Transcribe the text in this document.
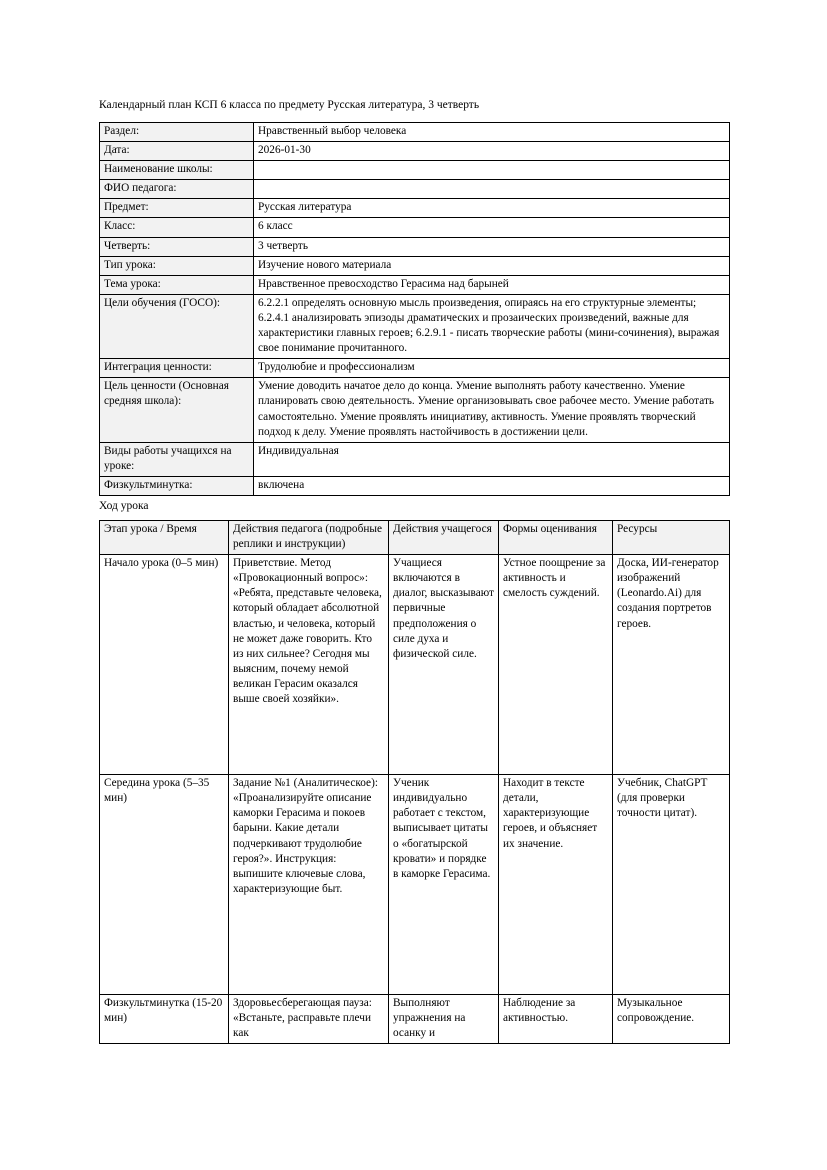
Календарный план КСП 6 класса по предмету Русская литература, 3 четверть
Раздел:	Нравственный выбор человека
Дата:	2026-01-30
Наименование школы:	
ФИО педагога:	
Предмет:	Русская литература
Класс:	6 класс
Четверть:	3 четверть
Тип урока:	Изучение нового материала
Тема урока:	Нравственное превосходство Герасима над барыней
Цели обучения (ГОСО):	6.2.2.1 определять основную мысль произведения, опираясь на его структурные элементы; 6.2.4.1 анализировать эпизоды драматических и прозаических произведений, важные для характеристики главных героев; 6.2.9.1 - писать творческие работы (мини-сочинения), выражая свое понимание прочитанного.
Интеграция ценности:	Трудолюбие и профессионализм
Цель ценности (Основная средняя школа):	Умение доводить начатое дело до конца. Умение выполнять работу качественно. Умение планировать свою деятельность. Умение организовывать свое рабочее место. Умение работать самостоятельно. Умение проявлять инициативу, активность. Умение проявлять творческий подход к делу. Умение проявлять настойчивость в достижении цели.
Виды работы учащихся на уроке:	Индивидуальная
Физкультминутка:	включена
Ход урока
Этап урока / Время	Действия педагога (подробные реплики и инструкции)	Действия учащегося	Формы оценивания	Ресурсы
Начало урока (0–5 мин)	Приветствие. Метод «Провокационный вопрос»: «Ребята, представьте человека, который обладает абсолютной властью, и человека, который не может даже говорить. Кто из них сильнее? Сегодня мы выясним, почему немой великан Герасим оказался выше своей хозяйки».	Учащиеся включаются в диалог, высказывают первичные предположения о силе духа и физической силе.	Устное поощрение за активность и смелость суждений.	Доска, ИИ-генератор изображений (Leonardo.Ai) для создания портретов героев.
Середина урока (5–35 мин)	Задание №1 (Аналитическое): «Проанализируйте описание каморки Герасима и покоев барыни. Какие детали подчеркивают трудолюбие героя?». Инструкция: выпишите ключевые слова, характеризующие быт.	Ученик индивидуально работает с текстом, выписывает цитаты о «богатырской кровати» и порядке в каморке Герасима.	Находит в тексте детали, характеризующие героев, и объясняет их значение.	Учебник, ChatGPT (для проверки точности цитат).
Физкультминутка (15-20 мин)	Здоровьесберегающая пауза: «Встаньте, расправьте плечи как	Выполняют упражнения на осанку и	Наблюдение за активностью.	Музыкальное сопровождение.
